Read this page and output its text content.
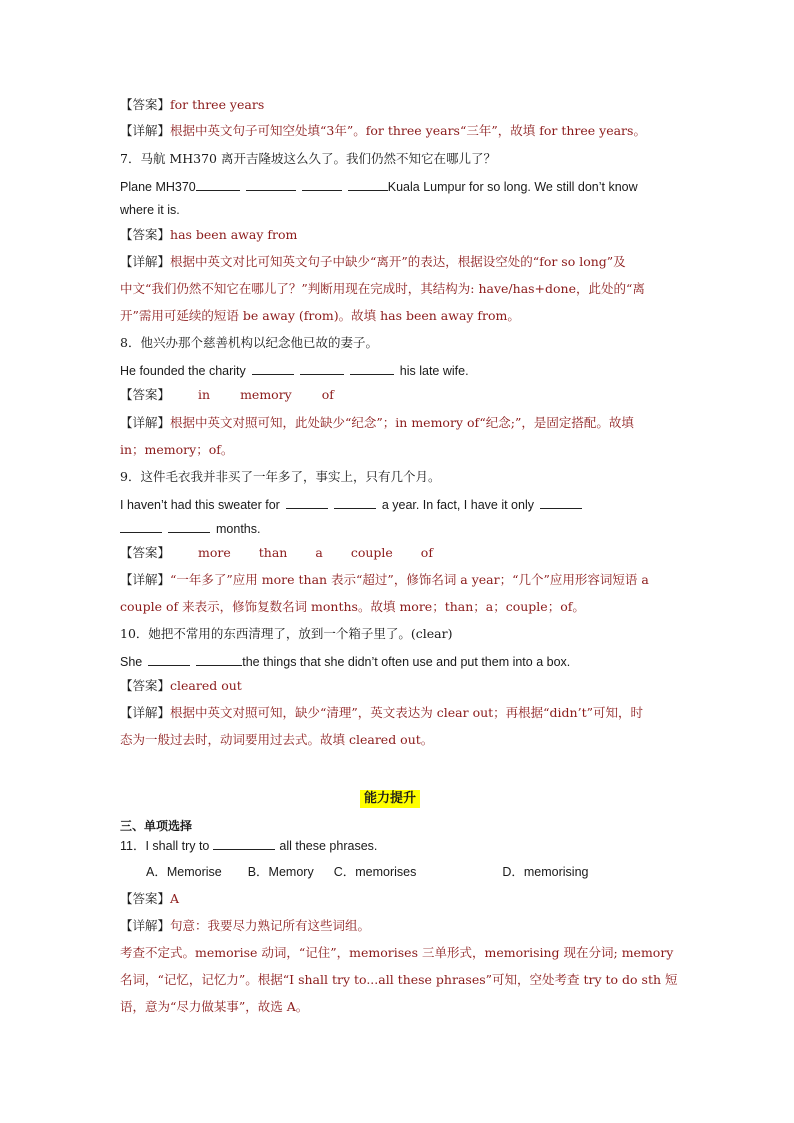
【答案】for three years
【详解】根据中英文句子可知空处填“3年”。for three years“三年”，故填 for three years。
7．马航 MH370 离开吉隆坡这么久了。我们仍然不知它在哪儿了？
Plane MH370	Kuala Lumpur for so long. We still don’t know
where it is.
【答案】has been away from
【详解】根据中英文对比可知英文句子中缺少“离开”的表达，根据设空处的“for so long”及
中文“我们仍然不知它在哪儿了？”判断用现在完成时，其结构为: have/has+done，此处的“离
开”需用可延续的短语 be away (from)。故填 has been away from。
8．他兴办那个慈善机构以纪念他已故的妻子。
He founded the charity	his late wife.
【答案】 in memory of
【详解】根据中英文对照可知，此处缺少“纪念”；in memory of“纪念;”，是固定搭配。故填
in；memory；of。
9．这件毛衣我并非买了一年多了，事实上，只有几个月。
I haven’t had this sweater for	a year. In fact, I have it only
months.
【答案】 more than a couple of
【详解】“一年多了”应用 more than 表示“超过”，修饰名词 a year；“几个”应用形容词短语 a
couple of 来表示，修饰复数名词 months。故填 more；than；a；couple；of。
10．她把不常用的东西清理了，放到一个箱子里了。(clear)
She	the things that she didn’t often use and put them into a box.
【答案】cleared out
【详解】根据中英文对照可知，缺少“清理”，英文表达为 clear out；再根据“didn’t”可知，时
态为一般过去时，动词要用过去式。故填 cleared out。
能力提升
三、单项选择
11．I shall try to	all these phrases.
A．Memorise B．Memory C．memorises	D．memorising
【答案】A
【详解】句意：我要尽力熟记所有这些词组。
考查不定式。memorise 动词，“记住”，memorises 三单形式，memorising 现在分词; memory
名词，“记忆，记忆力”。根据“I shall try to...all these phrases”可知，空处考查 try to do sth 短
语，意为“尽力做某事”，故选 A。
